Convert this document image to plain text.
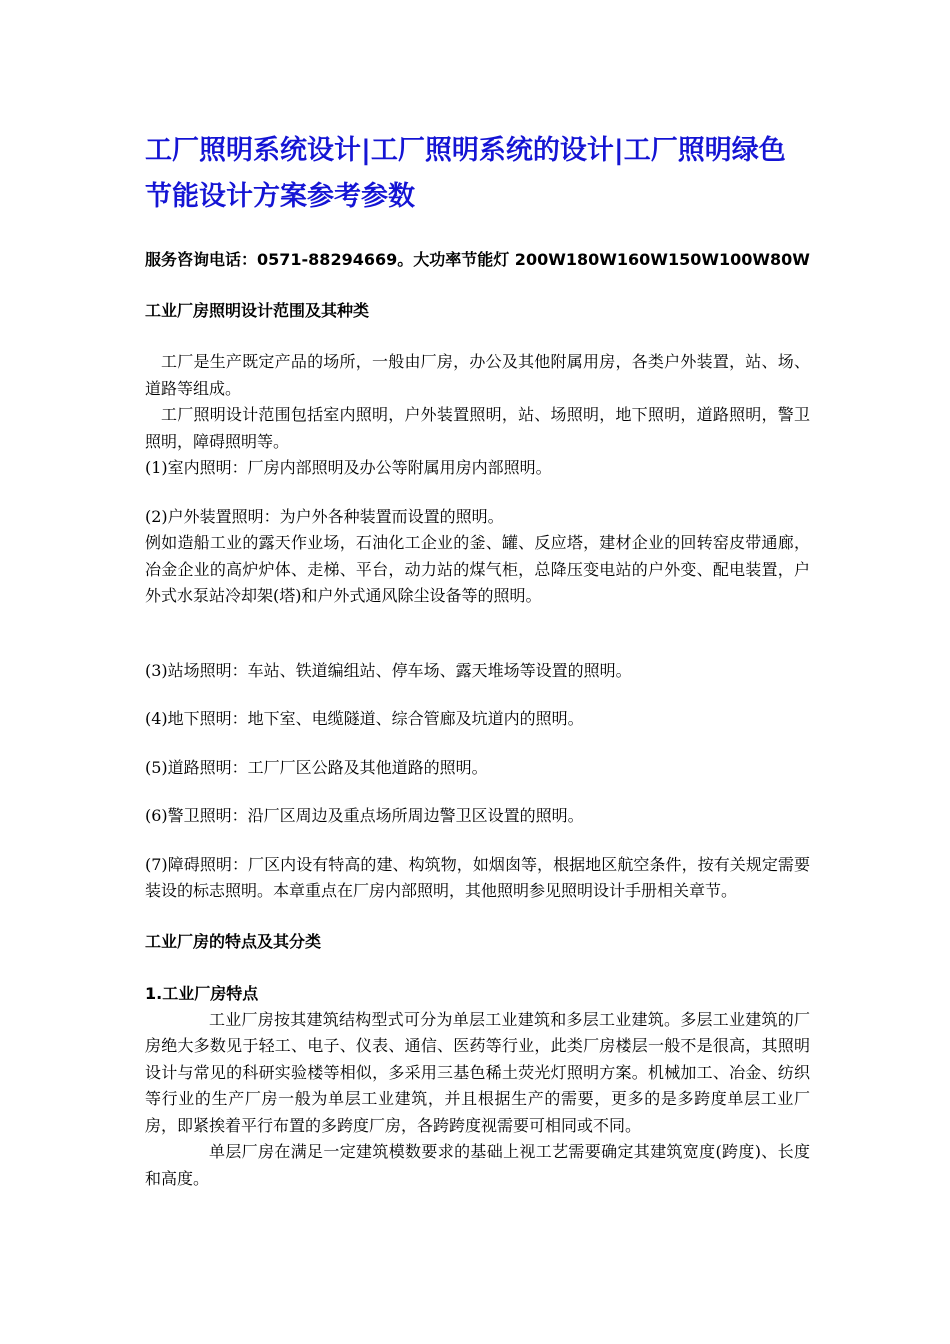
工厂照明系统设计|工厂照明系统的设计|工厂照明绿色节能设计方案参考参数

服务咨询电话：0571-88294669。大功率节能灯 200W180W160W150W100W80W

工业厂房照明设计范围及其种类

工厂是生产既定产品的场所，一般由厂房，办公及其他附属用房，各类户外装置，站、场、道路等组成。

工厂照明设计范围包括室内照明，户外装置照明，站、场照明，地下照明，道路照明，警卫照明，障碍照明等。

(1)室内照明：厂房内部照明及办公等附属用房内部照明。

(2)户外装置照明：为户外各种装置而设置的照明。

例如造船工业的露天作业场，石油化工企业的釜、罐、反应塔，建材企业的回转窑皮带通廊，冶金企业的高炉炉体、走梯、平台，动力站的煤气柜，总降压变电站的户外变、配电装置，户外式水泵站冷却架(塔)和户外式通风除尘设备等的照明。

(3)站场照明：车站、铁道编组站、停车场、露天堆场等设置的照明。

(4)地下照明：地下室、电缆隧道、综合管廊及坑道内的照明。

(5)道路照明：工厂厂区公路及其他道路的照明。

(6)警卫照明：沿厂区周边及重点场所周边警卫区设置的照明。

(7)障碍照明：厂区内设有特高的建、构筑物，如烟囱等，根据地区航空条件，按有关规定需要装设的标志照明。本章重点在厂房内部照明，其他照明参见照明设计手册相关章节。

工业厂房的特点及其分类

1.工业厂房特点

工业厂房按其建筑结构型式可分为单层工业建筑和多层工业建筑。多层工业建筑的厂房绝大多数见于轻工、电子、仪表、通信、医药等行业，此类厂房楼层一般不是很高，其照明设计与常见的科研实验楼等相似，多采用三基色稀土荧光灯照明方案。机械加工、冶金、纺织等行业的生产厂房一般为单层工业建筑，并且根据生产的需要，更多的是多跨度单层工业厂房，即紧挨着平行布置的多跨度厂房，各跨跨度视需要可相同或不同。

单层厂房在满足一定建筑模数要求的基础上视工艺需要确定其建筑宽度(跨度)、长度　和高度。
